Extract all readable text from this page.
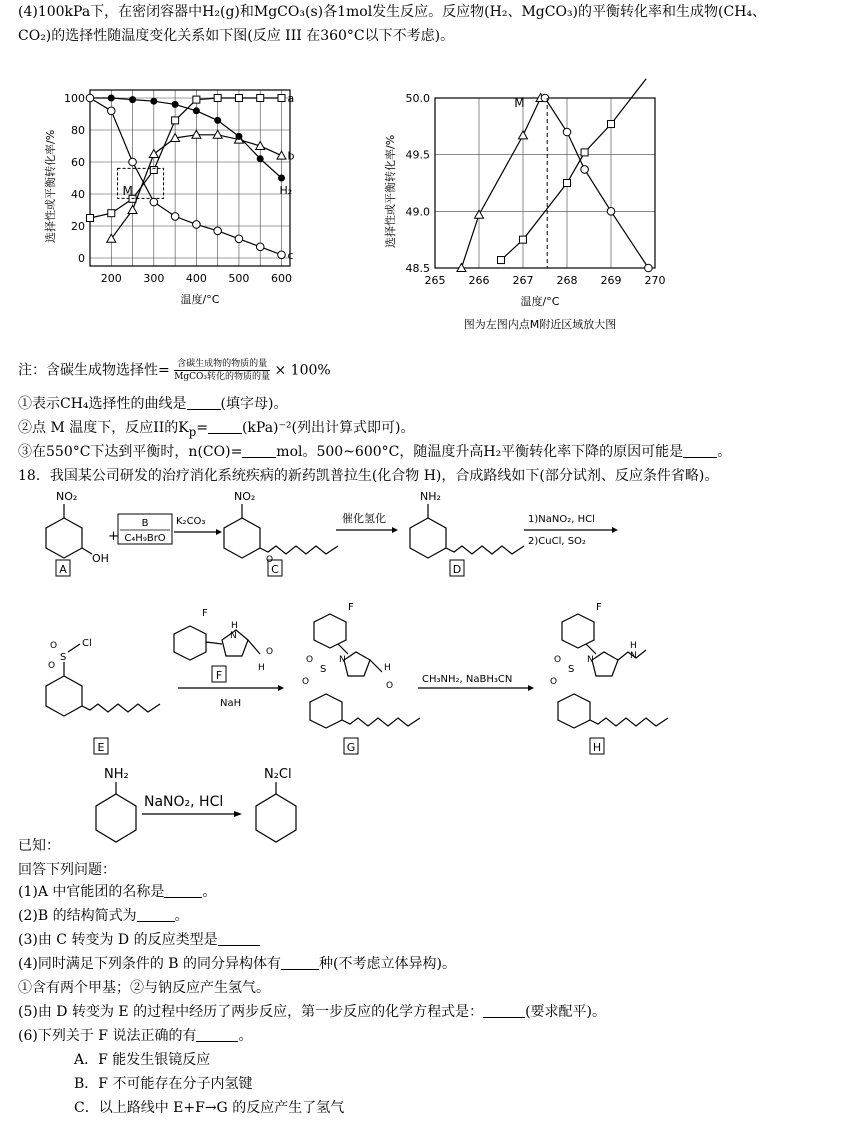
(4)100kPa下，在密闭容器中H₂(g)和MgCO₃(s)各1mol发生反应。反应物(H₂、MgCO₃)的平衡转化率和生成物(CH₄、
CO₂)的选择性随温度变化关系如下图(反应 III 在360°C以下不考虑)。
选择性或平衡转化率/%
温度/°C
200 300 400 500 600
100
80
60
40
20
0
a
b
H₂
c
M	选择性或平衡转化率/%
温度/°C
图为左图内点M附近区域放大图
265 266 267 268 269 270
50.0
49.5
49.0
48.5
M
注：含碳生成物选择性= $\frac{\text{含碳生成物的物质的量}}{\text{MgCO₃转化的物质的量}} \times 100\%$
①表示CH₄选择性的曲线是 (填字母)。
②点 M 温度下，反应II的$K_p= (kPa)^{-2}$(列出计算式即可)。
③在550°C下达到平衡时，n(CO)= mol。500~600°C，随温度升高H₂平衡转化率下降的原因可能是 。
18．我国某公司研发的治疗消化系统疾病的新药凯普拉生(化合物 H)，合成路线如下(部分试剂、反应条件省略)。
NO₂
OH
A
+
B
C₄H₉BrO
K₂CO₃
NO₂
O
C
催化氢化
NH₂
D
1)NaNO₂, HCl
2)CuCl, SO₂
S
Cl
O
O
E
F
H
N
H
O
F
NaH
F
N
H
O
S
O
O
G
CH₃NH₂, NaBH₃CN
F
N
H
N
S
O
O
H
NH₂
NaNO₂, HCl
N₂Cl
已知：
回答下列问题：
(1)A 中官能团的名称是	。
(2)B 的结构简式为	。
(3)由 C 转变为 D 的反应类型是
(4)同时满足下列条件的 B 的同分异构体有	种(不考虑立体异构)。
①含有两个甲基；②与钠反应产生氢气。
(5)由 D 转变为 E 的过程中经历了两步反应，第一步反应的化学方程式是：	(要求配平)。
(6)下列关于 F 说法正确的有	。
A．F 能发生银镜反应
B．F 不可能存在分子内氢键
C．以上路线中 E+F→G 的反应产生了氢气
